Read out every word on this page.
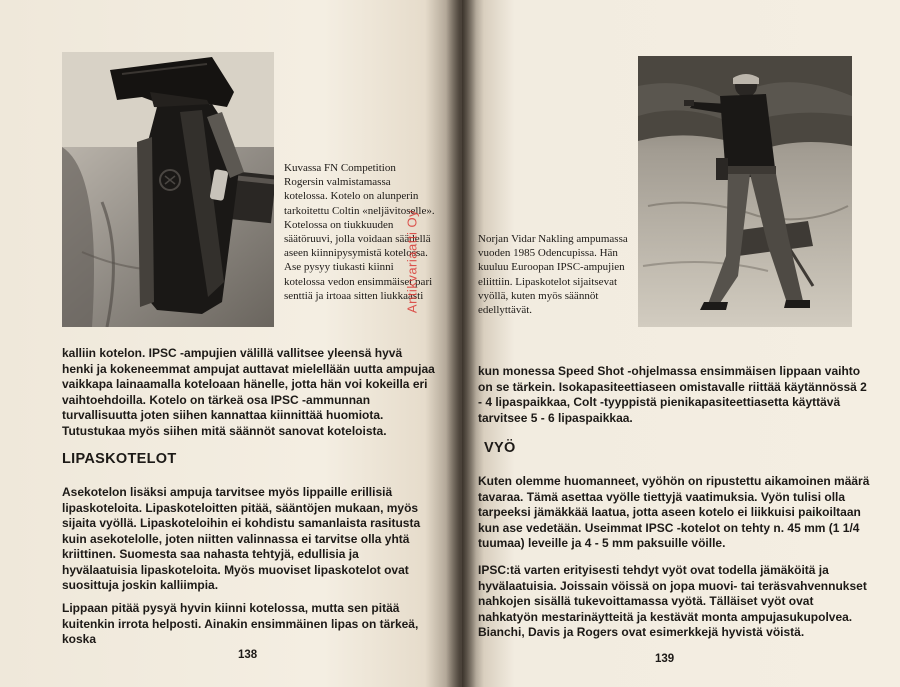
Kuvassa FN Competition Rogersin valmistamassa kotelossa. Kotelo on alunperin tarkoitettu Coltin «neljävitoselle». Kotelossa on tiukkuuden säätöruuvi, jolla voidaan säädellä aseen kiinnipysymistä kotelossa. Ase pysyy tiukasti kiinni kotelossa vedon ensimmäiset pari senttiä ja irtoaa sitten liukkaasti

kalliin kotelon. IPSC -ampujien välillä vallitsee yleensä hyvä henki ja kokeneemmat ampujat auttavat mielellään uutta ampujaa vaikkapa lainaamalla koteloaan hänelle, jotta hän voi kokeilla eri vaihtoehdoilla. Kotelo on tärkeä osa IPSC -ammunnan turvallisuutta joten siihen kannattaa kiinnittää huomiota. Tutustukaa myös siihen mitä säännöt sanovat koteloista.

LIPASKOTELOT

Asekotelon lisäksi ampuja tarvitsee myös lippaille erillisiä lipaskoteloita. Lipaskoteloitten pitää, sääntöjen mukaan, myös sijaita vyöllä. Lipaskoteloihin ei kohdistu samanlaista rasitusta kuin asekotelolle, joten niitten valinnassa ei tarvitse olla yhtä kriittinen. Suomesta saa nahasta tehtyjä, edullisia ja hyvälaatuisia lipaskoteloita. Myös muoviset lipaskotelot ovat suosittuja joskin kalliimpia.

Lippaan pitää pysyä hyvin kiinni kotelossa, mutta sen pitää kuitenkin irrota helposti. Ainakin ensimmäinen lipas on tärkeä, koska

138

Antikvariaatti Oy	Norjan Vidar Nakling ampumassa vuoden 1985 Odencupissa. Hän kuuluu Euroopan IPSC-ampujien eliittiin. Lipaskotelot sijaitsevat vyöllä, kuten myös säännöt edellyttävät.

kun monessa Speed Shot -ohjelmassa ensimmäisen lippaan vaihto on se tärkein. Isokapasiteettiaseen omistavalle riittää käytännössä 2 - 4 lipaspaikkaa, Colt -tyyppistä pienikapasiteettiasetta käyttävä tarvitsee 5 - 6 lipaspaikkaa.

VYÖ

Kuten olemme huomanneet, vyöhön on ripustettu aikamoinen määrä tavaraa. Tämä asettaa vyölle tiettyjä vaatimuksia. Vyön tulisi olla tarpeeksi jämäkkää laatua, jotta aseen kotelo ei liikkuisi paikoiltaan kun ase vedetään. Useimmat IPSC -kotelot on tehty n. 45 mm (1 1/4 tuumaa) leveille ja 4 - 5 mm paksuille vöille.

IPSC:tä varten erityisesti tehdyt vyöt ovat todella jämäköitä ja hyvälaatuisia. Joissain vöissä on jopa muovi- tai teräsvahvennukset nahkojen sisällä tukevoittamassa vyötä. Tälläiset vyöt ovat nahkatyön mestarinäytteitä ja kestävät monta ampujasukupolvea. Bianchi, Davis ja Rogers ovat esimerkkejä hyvistä vöistä.

139
